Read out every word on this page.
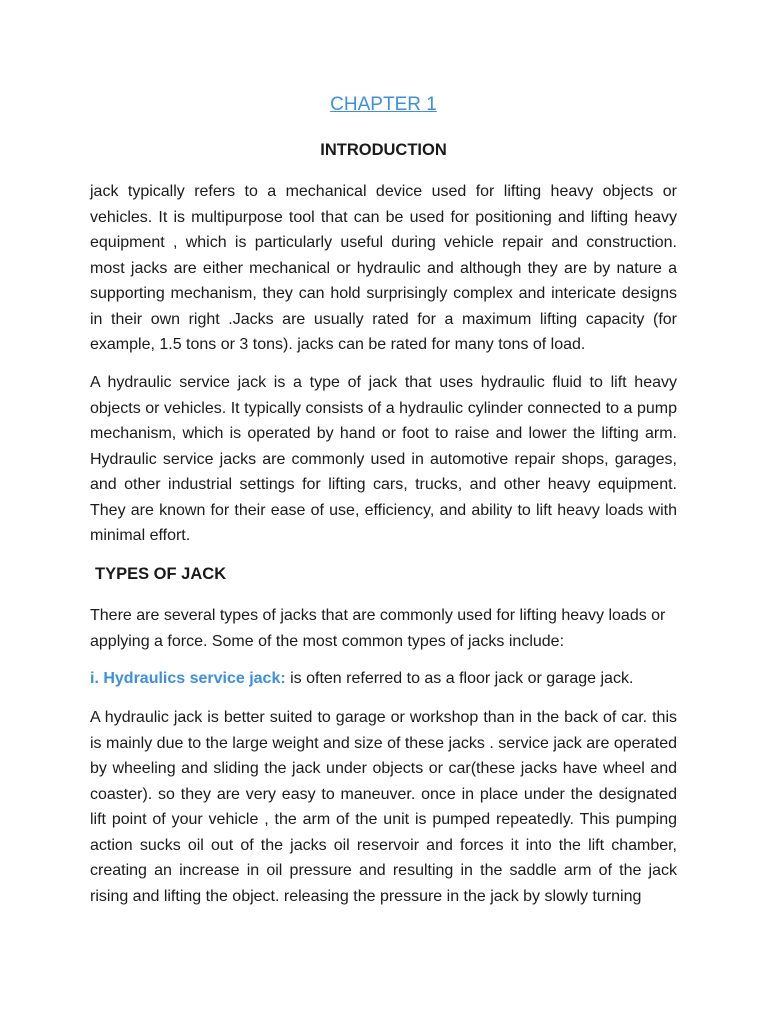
CHAPTER 1
INTRODUCTION

jack typically refers to a mechanical device used for lifting heavy objects or vehicles. It is multipurpose tool that can be used for positioning and lifting heavy equipment , which is particularly useful during vehicle repair and construction. most jacks are either mechanical or hydraulic and although they are by nature a supporting mechanism, they can hold surprisingly complex and intericate designs in their own right .Jacks are usually rated for a maximum lifting capacity (for example, 1.5 tons or 3 tons). jacks can be rated for many tons of load.

A hydraulic service jack is a type of jack that uses hydraulic fluid to lift heavy objects or vehicles. It typically consists of a hydraulic cylinder connected to a pump mechanism, which is operated by hand or foot to raise and lower the lifting arm. Hydraulic service jacks are commonly used in automotive repair shops, garages, and other industrial settings for lifting cars, trucks, and other heavy equipment. They are known for their ease of use, efficiency, and ability to lift heavy loads with minimal effort.

TYPES OF JACK

There are several types of jacks that are commonly used for lifting heavy loads or applying a force. Some of the most common types of jacks include:

i. Hydraulics service jack: is often referred to as a floor jack or garage jack.

A hydraulic jack is better suited to garage or workshop than in the back of car. this is mainly due to the large weight and size of these jacks . service jack are operated by wheeling and sliding the jack under objects or car(these jacks have wheel and coaster). so they are very easy to maneuver. once in place under the designated lift point of your vehicle , the arm of the unit is pumped repeatedly. This pumping action sucks oil out of the jacks oil reservoir and forces it into the lift chamber, creating an increase in oil pressure and resulting in the saddle arm of the jack rising and lifting the object. releasing the pressure in the jack by slowly turning
